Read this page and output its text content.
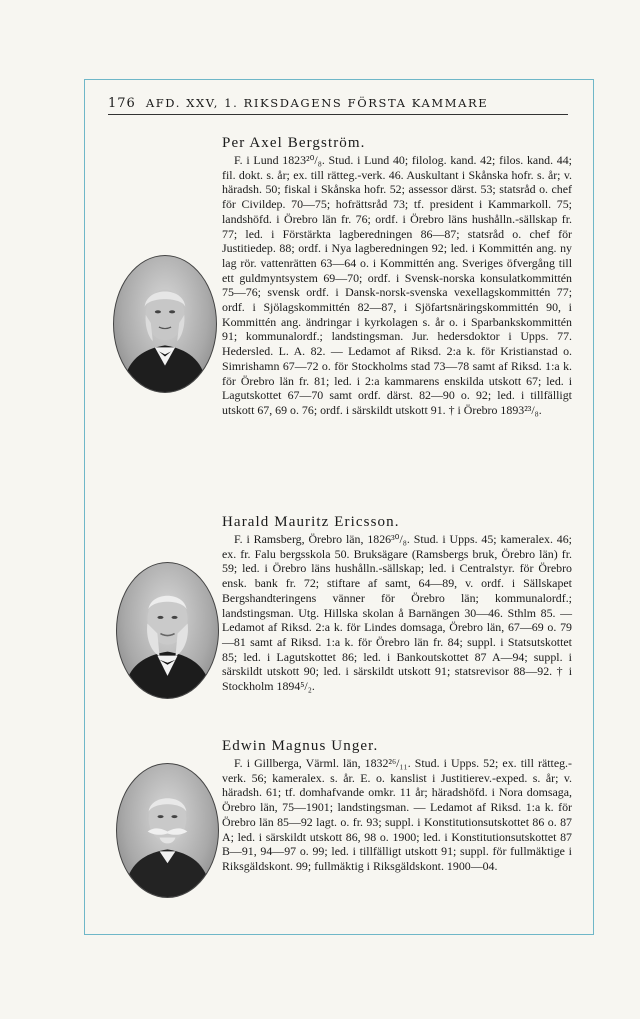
176 AFD. XXV, 1. RIKSDAGENS FÖRSTA KAMMARE
Per Axel Bergström.
F. i Lund 1823²⁰/₈. Stud. i Lund 40; filolog. kand. 42; filos. kand. 44; fil. dokt. s. år; ex. till rätteg.-verk. 46. Auskultant i Skånska hofr. s. år; v. häradsh. 50; fiskal i Skånska hofr. 52; assessor därst. 53; statsråd o. chef för Civildep. 70—75; hofrättsråd 73; tf. president i Kammarkoll. 75; landshöfd. i Örebro län fr. 76; ordf. i Örebro läns hushålln.-sällskap fr. 77; led. i Förstärkta lagberedningen 86—87; statsråd o. chef för Justitiedep. 88; ordf. i Nya lagberedningen 92; led. i Kommittén ang. ny lag rör. vattenrätten 63—64 o. i Kommittén ang. Sveriges öfvergång till ett guldmyntsystem 69—70; ordf. i Svensk-norska konsulatkommittén 75—76; svensk ordf. i Dansk-norsk-svenska vexellagskommittén 77; ordf. i Sjölagskommittén 82—87, i Sjöfartsnäringskommittén 90, i Kommittén ang. ändringar i kyrkolagen s. år o. i Sparbankskommittén 91; kommunalordf.; landstingsman. Jur. hedersdoktor i Upps. 77. Hedersled. L. A. 82. — Ledamot af Riksd. 2:a k. för Kristianstad o. Simrishamn 67—72 o. för Stockholms stad 73—78 samt af Riksd. 1:a k. för Örebro län fr. 81; led. i 2:a kammarens enskilda utskott 67; led. i Lagutskottet 67—70 samt ordf. därst. 82—90 o. 92; led. i tillfälligt utskott 67, 69 o. 76; ordf. i särskildt utskott 91. † i Örebro 1893²³/₈.
Harald Mauritz Ericsson.
F. i Ramsberg, Örebro län, 1826³⁰/₈. Stud. i Upps. 45; kameralex. 46; ex. fr. Falu bergsskola 50. Bruksägare (Ramsbergs bruk, Örebro län) fr. 59; led. i Örebro läns hushålln.-sällskap; led. i Centralstyr. för Örebro ensk. bank fr. 72; stiftare af samt, 64—89, v. ordf. i Sällskapet Bergshandteringens vänner för Örebro län; kommunalordf.; landstingsman. Utg. Hillska skolan å Barnängen 30—46. Sthlm 85. — Ledamot af Riksd. 2:a k. för Lindes domsaga, Örebro län, 67—69 o. 79—81 samt af Riksd. 1:a k. för Örebro län fr. 84; suppl. i Statsutskottet 85; led. i Lagutskottet 86; led. i Bankoutskottet 87 A—94; suppl. i särskildt utskott 90; led. i särskildt utskott 91; statsrevisor 88—92. † i Stockholm 1894⁵/₂.
Edwin Magnus Unger.
F. i Gillberga, Värml. län, 1832²⁶/₁₁. Stud. i Upps. 52; ex. till rätteg.-verk. 56; kameralex. s. år. E. o. kanslist i Justitierev.-exped. s. år; v. häradsh. 61; tf. domhafvande omkr. 11 år; häradshöfd. i Nora domsaga, Örebro län, 75—1901; landstingsman. — Ledamot af Riksd. 1:a k. för Örebro län 85—92 lagt. o. fr. 93; suppl. i Konstitutionsutskottet 86 o. 87 A; led. i särskildt utskott 86, 98 o. 1900; led. i Konstitutionsutskottet 87 B—91, 94—97 o. 99; led. i tillfälligt utskott 91; suppl. för fullmäktige i Riksgäldskont. 99; fullmäktig i Riksgäldskont. 1900—04.
